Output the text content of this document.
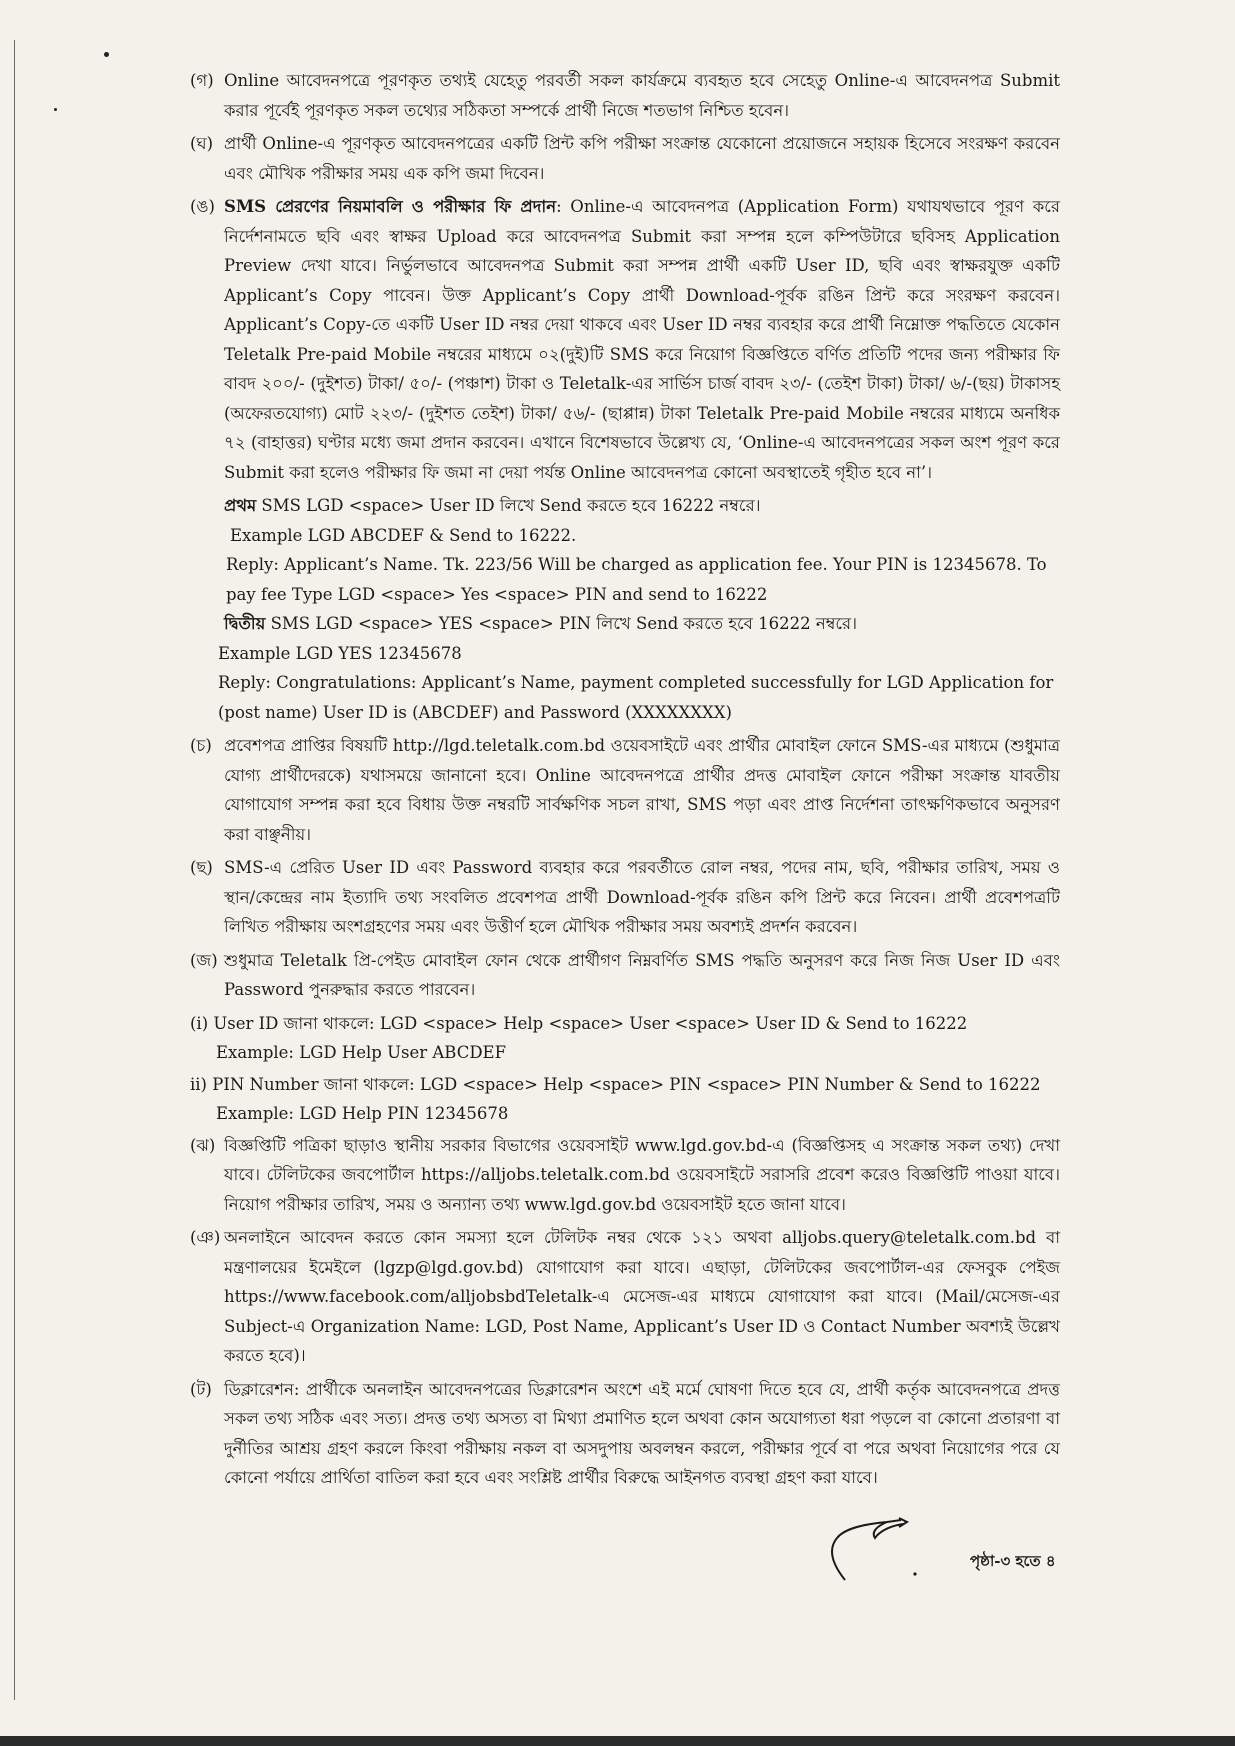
(গ) Online আবেদনপত্রে পূরণকৃত তথ্যই যেহেতু পরবর্তী সকল কার্যক্রমে ব্যবহৃত হবে সেহেতু Online-এ আবেদনপত্র Submit করার পূর্বেই পূরণকৃত সকল তথ্যের সঠিকতা সম্পর্কে প্রার্থী নিজে শতভাগ নিশ্চিত হবেন।
(ঘ) প্রার্থী Online-এ পূরণকৃত আবেদনপত্রের একটি প্রিন্ট কপি পরীক্ষা সংক্রান্ত যেকোনো প্রয়োজনে সহায়ক হিসেবে সংরক্ষণ করবেন এবং মৌখিক পরীক্ষার সময় এক কপি জমা দিবেন।
(ঙ) SMS প্রেরণের নিয়মাবলি ও পরীক্ষার ফি প্রদান: Online-এ আবেদনপত্র (Application Form) যথাযথভাবে পূরণ করে নির্দেশনামতে ছবি এবং স্বাক্ষর Upload করে আবেদনপত্র Submit করা সম্পন্ন হলে কম্পিউটারে ছবিসহ Application Preview দেখা যাবে। নির্ভুলভাবে আবেদনপত্র Submit করা সম্পন্ন প্রার্থী একটি User ID, ছবি এবং স্বাক্ষরযুক্ত একটি Applicant’s Copy পাবেন। উক্ত Applicant’s Copy প্রার্থী Download-পূর্বক রঙিন প্রিন্ট করে সংরক্ষণ করবেন। Applicant’s Copy-তে একটি User ID নম্বর দেয়া থাকবে এবং User ID নম্বর ব্যবহার করে প্রার্থী নিম্নোক্ত পদ্ধতিতে যেকোন Teletalk Pre-paid Mobile নম্বরের মাধ্যমে ০২(দুই)টি SMS করে নিয়োগ বিজ্ঞপ্তিতে বর্ণিত প্রতিটি পদের জন্য পরীক্ষার ফি বাবদ ২০০/- (দুইশত) টাকা/ ৫০/- (পঞ্চাশ) টাকা ও Teletalk-এর সার্ভিস চার্জ বাবদ ২৩/- (তেইশ টাকা) টাকা/ ৬/-(ছয়) টাকাসহ (অফেরতযোগ্য) মোট ২২৩/- (দুইশত তেইশ) টাকা/ ৫৬/- (ছাপ্পান্ন) টাকা Teletalk Pre-paid Mobile নম্বরের মাধ্যমে অনধিক ৭২ (বাহাত্তর) ঘণ্টার মধ্যে জমা প্রদান করবেন। এখানে বিশেষভাবে উল্লেখ্য যে, ‘Online-এ আবেদনপত্রের সকল অংশ পূরণ করে Submit করা হলেও পরীক্ষার ফি জমা না দেয়া পর্যন্ত Online আবেদনপত্র কোনো অবস্থাতেই গৃহীত হবে না’।

প্রথম SMS LGD <space> User ID লিখে Send করতে হবে 16222 নম্বরে।

Example LGD ABCDEF & Send to 16222.

Reply: Applicant’s Name. Tk. 223/56 Will be charged as application fee. Your PIN is 12345678. To pay fee Type LGD <space> Yes <space> PIN and send to 16222

দ্বিতীয় SMS LGD <space> YES <space> PIN লিখে Send করতে হবে 16222 নম্বরে।

Example LGD YES 12345678

Reply: Congratulations: Applicant’s Name, payment completed successfully for LGD Application for (post name) User ID is (ABCDEF) and Password (XXXXXXXX)

(চ) প্রবেশপত্র প্রাপ্তির বিষয়টি http://lgd.teletalk.com.bd ওয়েবসাইটে এবং প্রার্থীর মোবাইল ফোনে SMS-এর মাধ্যমে (শুধুমাত্র যোগ্য প্রার্থীদেরকে) যথাসময়ে জানানো হবে। Online আবেদনপত্রে প্রার্থীর প্রদত্ত মোবাইল ফোনে পরীক্ষা সংক্রান্ত যাবতীয় যোগাযোগ সম্পন্ন করা হবে বিধায় উক্ত নম্বরটি সার্বক্ষণিক সচল রাখা, SMS পড়া এবং প্রাপ্ত নির্দেশনা তাৎক্ষণিকভাবে অনুসরণ করা বাঞ্ছনীয়।
(ছ) SMS-এ প্রেরিত User ID এবং Password ব্যবহার করে পরবর্তীতে রোল নম্বর, পদের নাম, ছবি, পরীক্ষার তারিখ, সময় ও স্থান/কেন্দ্রের নাম ইত্যাদি তথ্য সংবলিত প্রবেশপত্র প্রার্থী Download-পূর্বক রঙিন কপি প্রিন্ট করে নিবেন। প্রার্থী প্রবেশপত্রটি লিখিত পরীক্ষায় অংশগ্রহণের সময় এবং উত্তীর্ণ হলে মৌখিক পরীক্ষার সময় অবশ্যই প্রদর্শন করবেন।
(জ) শুধুমাত্র Teletalk প্রি-পেইড মোবাইল ফোন থেকে প্রার্থীগণ নিম্নবর্ণিত SMS পদ্ধতি অনুসরণ করে নিজ নিজ User ID এবং Password পুনরুদ্ধার করতে পারবেন।

(i) User ID জানা থাকলে: LGD <space> Help <space> User <space> User ID & Send to 16222

Example: LGD Help User ABCDEF

ii) PIN Number জানা থাকলে: LGD <space> Help <space> PIN <space> PIN Number & Send to 16222

Example: LGD Help PIN 12345678

(ঝ) বিজ্ঞপ্তিটি পত্রিকা ছাড়াও স্থানীয় সরকার বিভাগের ওয়েবসাইট www.lgd.gov.bd-এ (বিজ্ঞপ্তিসহ এ সংক্রান্ত সকল তথ্য) দেখা যাবে। টেলিটকের জবপোর্টাল https://alljobs.teletalk.com.bd ওয়েবসাইটে সরাসরি প্রবেশ করেও বিজ্ঞপ্তিটি পাওয়া যাবে। নিয়োগ পরীক্ষার তারিখ, সময় ও অন্যান্য তথ্য www.lgd.gov.bd ওয়েবসাইট হতে জানা যাবে।
(ঞ) অনলাইনে আবেদন করতে কোন সমস্যা হলে টেলিটক নম্বর থেকে ১২১ অথবা alljobs.query@teletalk.com.bd বা মন্ত্রণালয়ের ইমেইলে (lgzp@lgd.gov.bd) যোগাযোগ করা যাবে। এছাড়া, টেলিটকের জবপোর্টাল-এর ফেসবুক পেইজ https://www.facebook.com/alljobsbdTeletalk-এ মেসেজ-এর মাধ্যমে যোগাযোগ করা যাবে। (Mail/মেসেজ-এর Subject-এ Organization Name: LGD, Post Name, Applicant’s User ID ও Contact Number অবশ্যই উল্লেখ করতে হবে)।
(ট) ডিক্লারেশন: প্রার্থীকে অনলাইন আবেদনপত্রের ডিক্লারেশন অংশে এই মর্মে ঘোষণা দিতে হবে যে, প্রার্থী কর্তৃক আবেদনপত্রে প্রদত্ত সকল তথ্য সঠিক এবং সত্য। প্রদত্ত তথ্য অসত্য বা মিথ্যা প্রমাণিত হলে অথবা কোন অযোগ্যতা ধরা পড়লে বা কোনো প্রতারণা বা দুর্নীতির আশ্রয় গ্রহণ করলে কিংবা পরীক্ষায় নকল বা অসদুপায় অবলম্বন করলে, পরীক্ষার পূর্বে বা পরে অথবা নিয়োগের পরে যে কোনো পর্যায়ে প্রার্থিতা বাতিল করা হবে এবং সংশ্লিষ্ট প্রার্থীর বিরুদ্ধে আইনগত ব্যবস্থা গ্রহণ করা যাবে।
পৃষ্ঠা-৩ হতে ৪
